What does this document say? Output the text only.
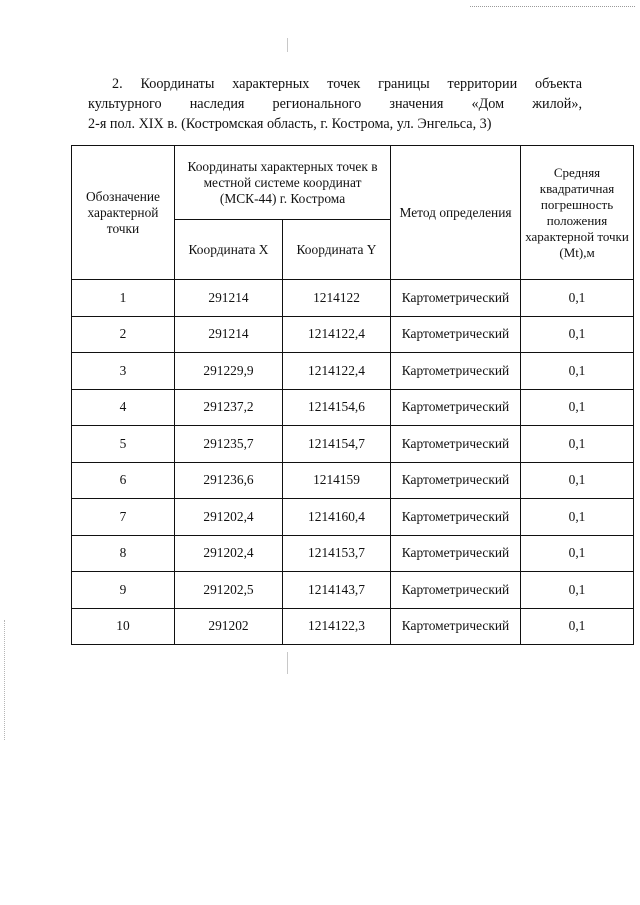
2. Координаты характерных точек границы территории объекта
культурного наследия регионального значения «Дом жилой»,
2-я пол. XIX в. (Костромская область, г. Кострома, ул. Энгельса, 3)
Обозначение характерной точки	Координаты характерных точек в местной системе координат (МСК-44) г. Кострома		Метод определения	Средняя квадратичная погрешность положения характерной точки (Mt),м
	Координата X	Координата Y		
1	291214	1214122	Картометрический	0,1
2	291214	1214122,4	Картометрический	0,1
3	291229,9	1214122,4	Картометрический	0,1
4	291237,2	1214154,6	Картометрический	0,1
5	291235,7	1214154,7	Картометрический	0,1
6	291236,6	1214159	Картометрический	0,1
7	291202,4	1214160,4	Картометрический	0,1
8	291202,4	1214153,7	Картометрический	0,1
9	291202,5	1214143,7	Картометрический	0,1
10	291202	1214122,3	Картометрический	0,1
